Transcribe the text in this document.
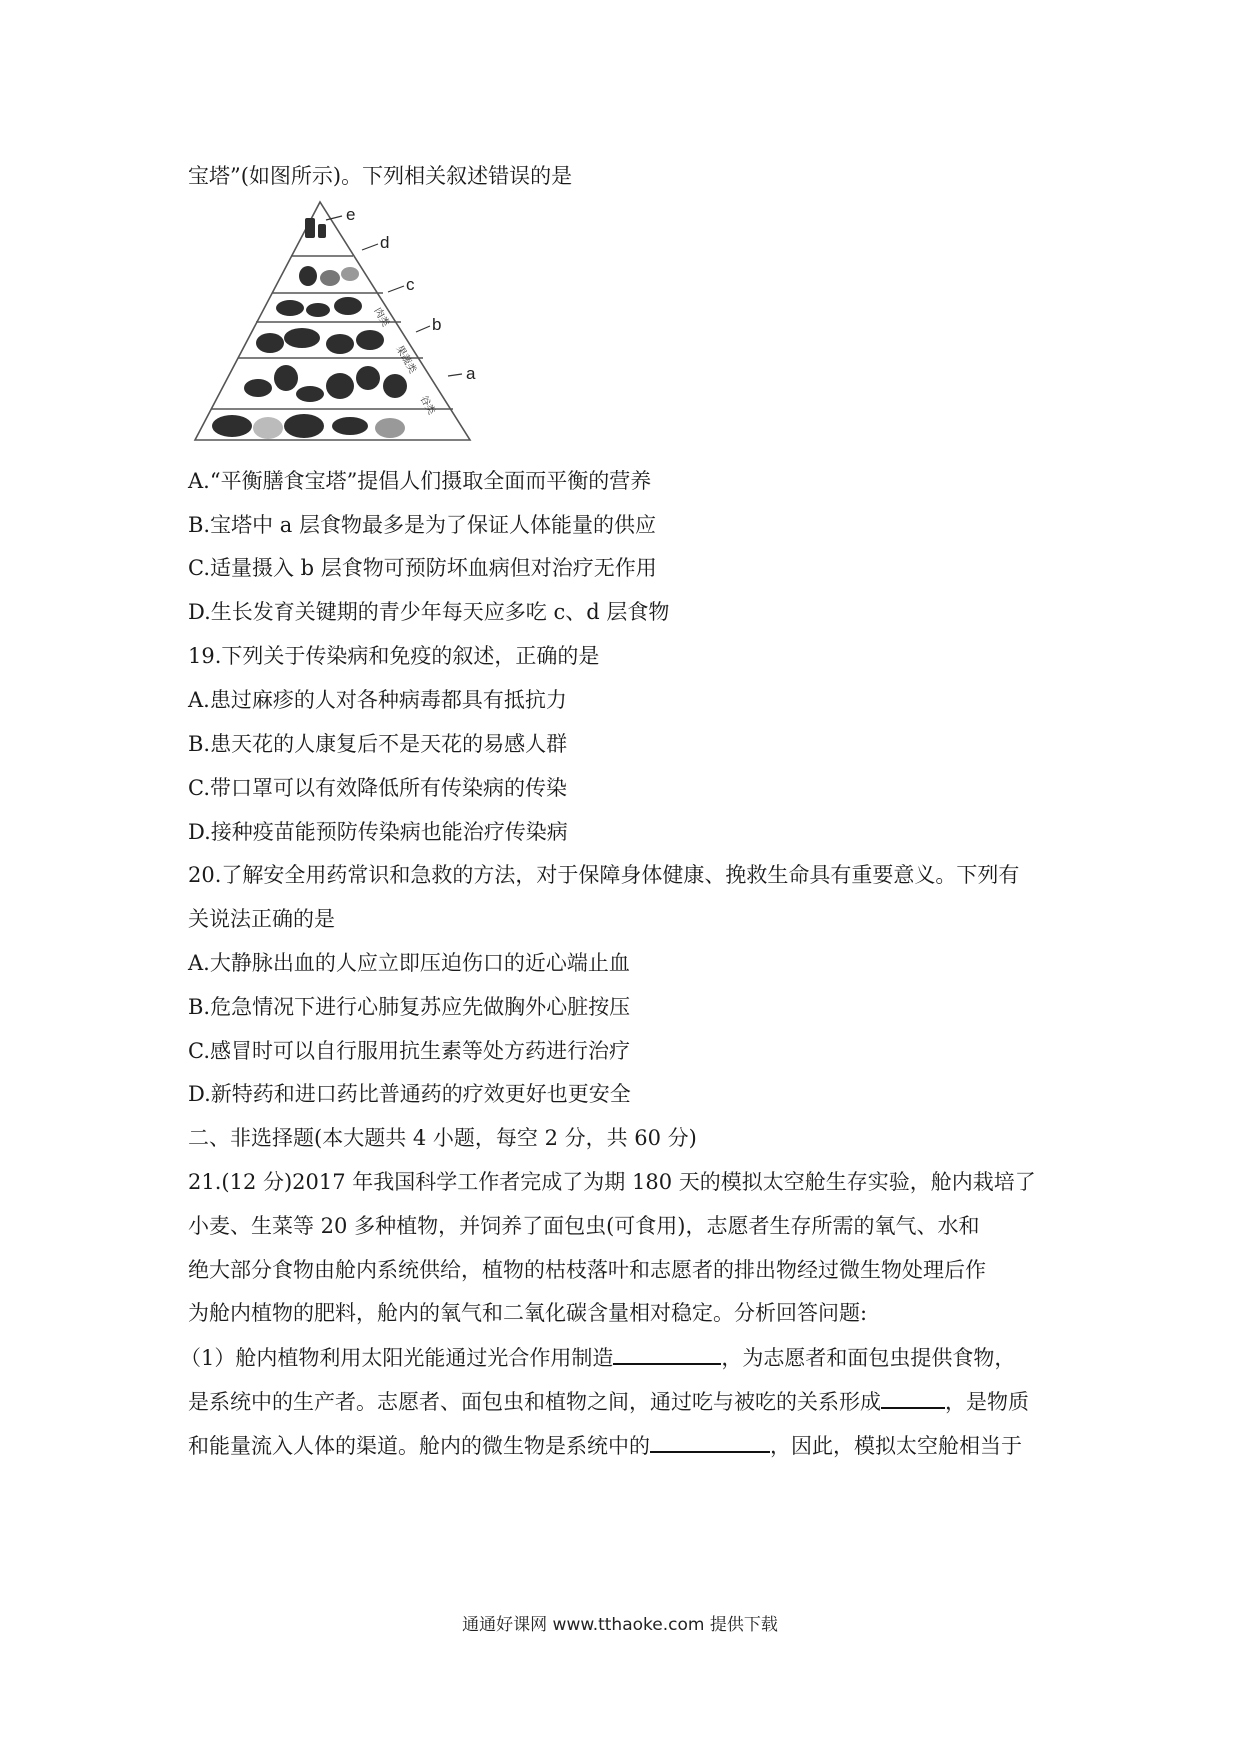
宝塔”(如图所示)。下列相关叙述错误的是
肉类
果蔬类
谷类
e
d
c
b
a
A.“平衡膳食宝塔”提倡人们摄取全面而平衡的营养
B.宝塔中 a 层食物最多是为了保证人体能量的供应
C.适量摄入 b 层食物可预防坏血病但对治疗无作用
D.生长发育关键期的青少年每天应多吃 c、d 层食物
19.下列关于传染病和免疫的叙述，正确的是
A.患过麻疹的人对各种病毒都具有抵抗力
B.患天花的人康复后不是天花的易感人群
C.带口罩可以有效降低所有传染病的传染
D.接种疫苗能预防传染病也能治疗传染病
20.了解安全用药常识和急救的方法，对于保障身体健康、挽救生命具有重要意义。下列有
关说法正确的是
A.大静脉出血的人应立即压迫伤口的近心端止血
B.危急情况下进行心肺复苏应先做胸外心脏按压
C.感冒时可以自行服用抗生素等处方药进行治疗
D.新特药和进口药比普通药的疗效更好也更安全
二、非选择题(本大题共 4 小题，每空 2 分，共 60 分)
21.(12 分)2017 年我国科学工作者完成了为期 180 天的模拟太空舱生存实验，舱内栽培了
小麦、生菜等 20 多种植物，并饲养了面包虫(可食用)，志愿者生存所需的氧气、水和
绝大部分食物由舱内系统供给，植物的枯枝落叶和志愿者的排出物经过微生物处理后作
为舱内植物的肥料，舱内的氧气和二氧化碳含量相对稳定。分析回答问题:
（1）舱内植物利用太阳光能通过光合作用制造	，为志愿者和面包虫提供食物，
是系统中的生产者。志愿者、面包虫和植物之间，通过吃与被吃的关系形成	，是物质
和能量流入人体的渠道。舱内的微生物是系统中的	，因此，模拟太空舱相当于
通通好课网 www.tthaoke.com 提供下载
